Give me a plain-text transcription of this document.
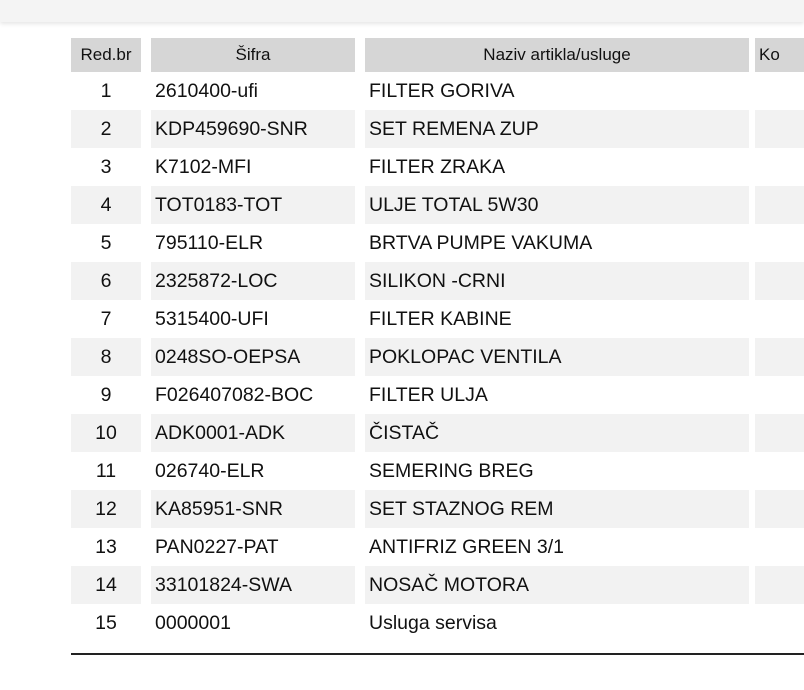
Red.br		Šifra		Naziv artikla/usluge		Ko
1		2610400-ufi		FILTER GORIVA		
2		KDP459690-SNR		SET REMENA ZUP		
3		K7102-MFI		FILTER ZRAKA		
4		TOT0183-TOT		ULJE TOTAL 5W30		
5		795110-ELR		BRTVA PUMPE VAKUMA		
6		2325872-LOC		SILIKON -CRNI		
7		5315400-UFI		FILTER KABINE		
8		0248SO-OEPSA		POKLOPAC VENTILA		
9		F026407082-BOC		FILTER ULJA		
10		ADK0001-ADK		ČISTAČ		
11		026740-ELR		SEMERING BREG		
12		KA85951-SNR		SET STAZNOG REM		
13		PAN0227-PAT		ANTIFRIZ GREEN 3/1		
14		33101824-SWA		NOSAČ MOTORA		
15		0000001		Usluga servisa		
